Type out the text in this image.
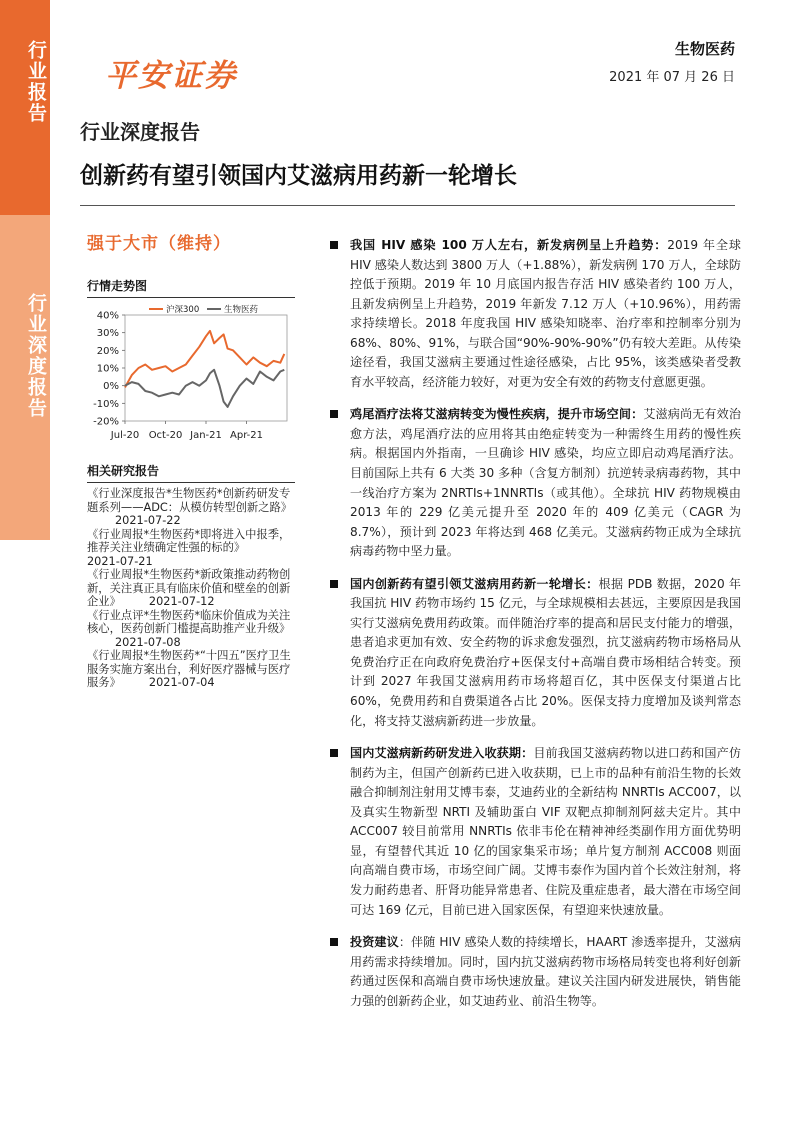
行业报告
行业深度报告
平安证券
生物医药
2021 年 07 月 26 日
行业深度报告
创新药有望引领国内艾滋病用药新一轮增长
强于大市（维持）
行情走势图
40%
30%
20%
10%
0%
-10%
-20%
Jul-20 Oct-20 Jan-21 Apr-21
沪深300	生物医药
相关研究报告
《行业深度报告*生物医药*创新药研发专题系列——ADC：从模仿转型创新之路》2021-07-22
《行业周报*生物医药*即将进入中报季，推荐关注业绩确定性强的标的》
2021-07-21
《行业周报*生物医药*新政策推动药物创新，关注真正具有临床价值和壁垒的创新企业》 2021-07-12
《行业点评*生物医药*临床价值成为关注核心，医药创新门槛提高助推产业升级》2021-07-08
《行业周报*生物医药*“十四五”医疗卫生服务实施方案出台，利好医疗器械与医疗服务》 2021-07-04

我国 HIV 感染 100 万人左右，新发病例呈上升趋势：2019 年全球 HIV 感染人数达到 3800 万人（+1.88%），新发病例 170 万人，全球防控低于预期。2019 年 10 月底国内报告存活 HIV 感染者约 100 万人，且新发病例呈上升趋势，2019 年新发 7.12 万人（+10.96%），用药需求持续增长。2018 年度我国 HIV 感染知晓率、治疗率和控制率分别为 68%、80%、91%，与联合国“90%-90%-90%”仍有较大差距。从传染途径看，我国艾滋病主要通过性途径感染，占比 95%，该类感染者受教育水平较高，经济能力较好，对更为安全有效的药物支付意愿更强。

鸡尾酒疗法将艾滋病转变为慢性疾病，提升市场空间：艾滋病尚无有效治愈方法，鸡尾酒疗法的应用将其由绝症转变为一种需终生用药的慢性疾病。根据国内外指南，一旦确诊 HIV 感染，均应立即启动鸡尾酒疗法。目前国际上共有 6 大类 30 多种（含复方制剂）抗逆转录病毒药物，其中一线治疗方案为 2NRTIs+1NNRTIs（或其他）。全球抗 HIV 药物规模由 2013 年的 229 亿美元提升至 2020 年的 409 亿美元（CAGR 为 8.7%），预计到 2023 年将达到 468 亿美元。艾滋病药物正成为全球抗病毒药物中坚力量。

国内创新药有望引领艾滋病用药新一轮增长：根据 PDB 数据，2020 年我国抗 HIV 药物市场约 15 亿元，与全球规模相去甚远，主要原因是我国实行艾滋病免费用药政策。而伴随治疗率的提高和居民支付能力的增强，患者追求更加有效、安全药物的诉求愈发强烈，抗艾滋病药物市场格局从免费治疗正在向政府免费治疗+医保支付+高端自费市场相结合转变。预计到 2027 年我国艾滋病用药市场将超百亿，其中医保支付渠道占比 60%，免费用药和自费渠道各占比 20%。医保支持力度增加及谈判常态化，将支持艾滋病新药进一步放量。

国内艾滋病新药研发进入收获期：目前我国艾滋病药物以进口药和国产仿制药为主，但国产创新药已进入收获期，已上市的品种有前沿生物的长效融合抑制剂注射用艾博韦泰，艾迪药业的全新结构 NNRTIs ACC007，以及真实生物新型 NRTI 及辅助蛋白 VIF 双靶点抑制剂阿兹夫定片。其中 ACC007 较目前常用 NNRTIs 依非韦伦在精神神经类副作用方面优势明显，有望替代其近 10 亿的国家集采市场；单片复方制剂 ACC008 则面向高端自费市场，市场空间广阔。艾博韦泰作为国内首个长效注射剂，将发力耐药患者、肝肾功能异常患者、住院及重症患者，最大潜在市场空间可达 169 亿元，目前已进入国家医保，有望迎来快速放量。

投资建议：伴随 HIV 感染人数的持续增长，HAART 渗透率提升，艾滋病用药需求持续增加。同时，国内抗艾滋病药物市场格局转变也将利好创新药通过医保和高端自费市场快速放量。建议关注国内研发进展快，销售能力强的创新药企业，如艾迪药业、前沿生物等。
